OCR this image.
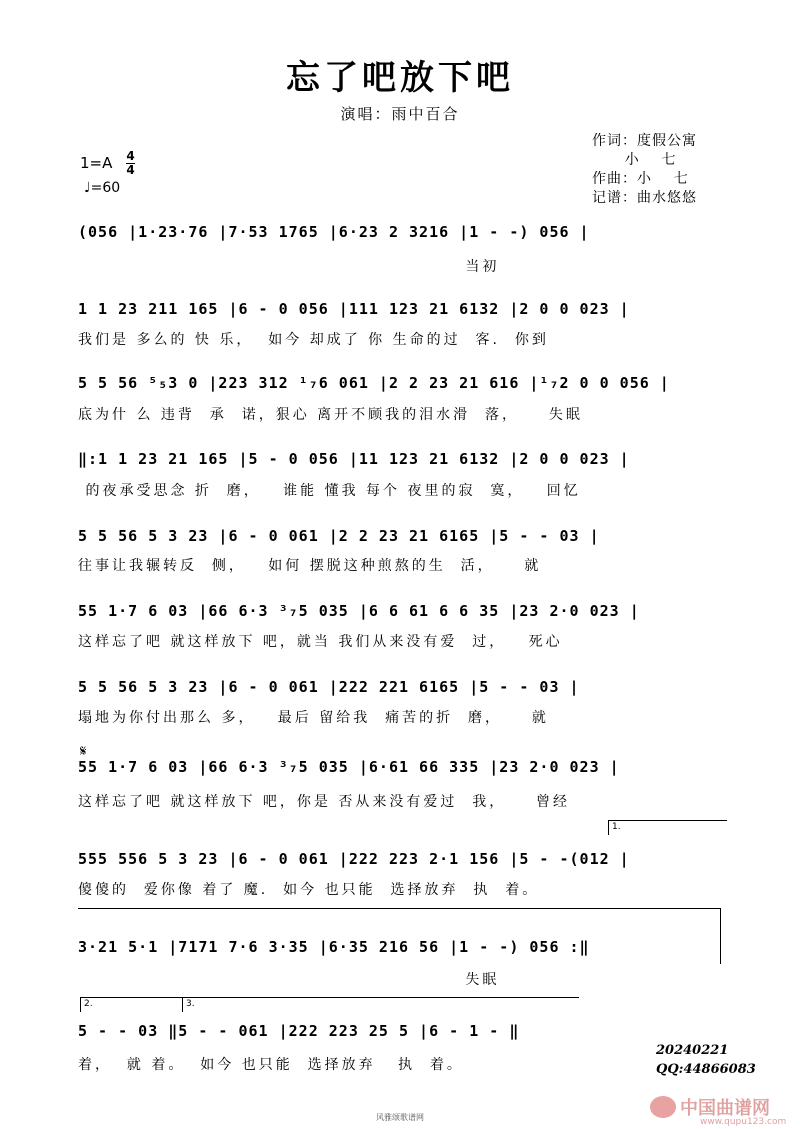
忘了吧放下吧
演唱：雨中百合
作词：度假公寓
小    七
作曲：小    七
记谱：曲水悠悠
$1=A \frac{4}{4}$
♩=60
(056 |1·23·76 |7·53 1765 |6·23 2 3216 |1 - -) 056 |
当初
1 1 23 211 165 |6 - 0 056 |111 123 21 6132 |2 0 0 023 |
我们是 多么的 快 乐，  如今 却成了 你 生命的过  客.  你到
5 5 56 ⁵₅3 0 |223 312 ¹₇6 061 |2 2 23 21 616 |¹₇2 0 0 056 |
底为什 么 违背  承  诺，狠心 离开不顾我的泪水滑  落，    失眠
‖:1 1 23 21 165 |5 - 0 056 |11 123 21 6132 |2 0 0 023 |
的夜承受思念 折  磨，   谁能 懂我 每个 夜里的寂  寞，   回忆
5 5 56 5 3 23 |6 - 0 061 |2 2 23 21 6165 |5 - - 03 |
往事让我辗转反  侧，   如何 摆脱这种煎熬的生  活，    就
55 1·7 6 03 |66 6·3 ³₇5 035 |6 6 61 6 6 35 |23 2·0 023 |
这样忘了吧 就这样放下 吧，就当 我们从来没有爱  过，   死心
5 5 56 5 3 23 |6 - 0 061 |222 221 6165 |5 - - 03 |
塌地为你付出那么 多，   最后 留给我  痛苦的折  磨，    就
𝄋
55 1·7 6 03 |66 6·3 ³₇5 035 |6·61 66 335 |23 2·0 023 |
这样忘了吧 就这样放下 吧，你是 否从来没有爱过  我，    曾经
1.
555 556 5 3 23 |6 - 0 061 |222 223 2·1 156 |5 - -(012 |
傻傻的  爱你像 着了 魔.  如今 也只能  选择放弃  执  着。
3·21 5·1 |7171 7·6 3·35 |6·35 216 56 |1 - -) 056 :‖
失眠
2.	3.
5 - - 03 ‖5 - - 061 |222 223 25 5 |6 - 1 - ‖
着，  就 着。  如今 也只能  选择放弃   执  着。
20240221
QQ:44866083
中国曲谱网
www.qupu123.com
风雅颂歌谱网
